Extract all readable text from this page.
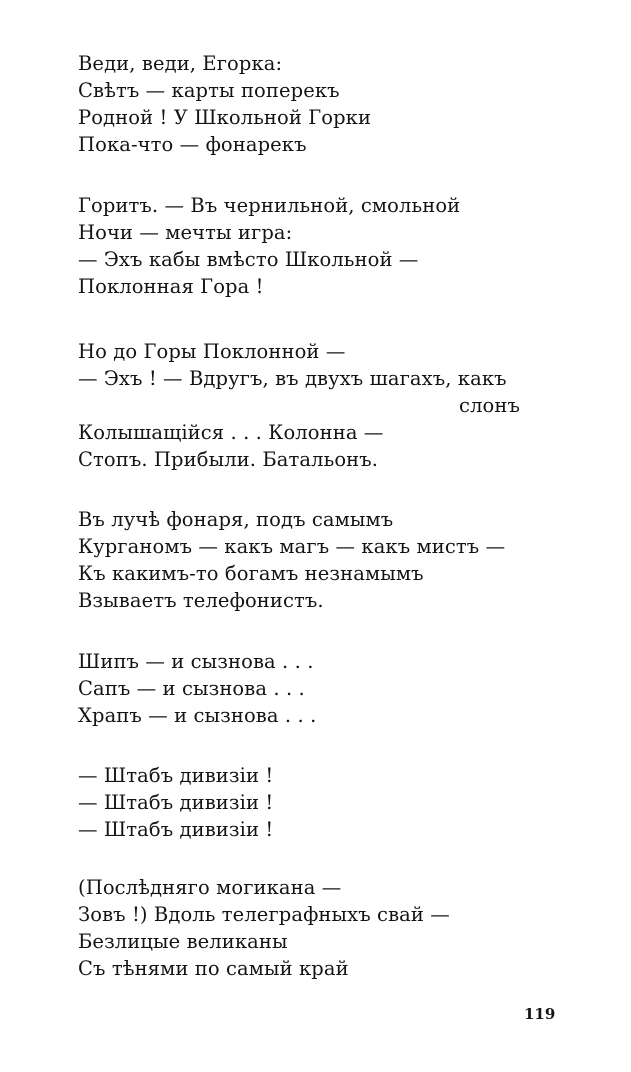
Веди, веди, Егорка:
Свѣтъ — карты поперекъ
Родной ! У Школьной Горки
Пока-что — фонарекъ
Горитъ. — Въ чернильной, смольной
Ночи — мечты игра:
— Эхъ кабы вмѣсто Школьной —
Поклонная Гора !
Но до Горы Поклонной —
— Эхъ ! — Вдругъ, въ двухъ шагахъ, какъ
слонъ
Колышащiйся . . . Колонна —
Стопъ. Прибыли. Батальонъ.
Въ лучѣ фонаря, подъ самымъ
Курганомъ — какъ магъ — какъ мистъ —
Къ какимъ-то богамъ незнамымъ
Взываетъ телефонистъ.
Шипъ — и сызнова . . .
Сапъ — и сызнова . . .
Храпъ — и сызнова . . .
— Штабъ дивизiи !
— Штабъ дивизiи !
— Штабъ дивизiи !
(Послѣдняго могикана —
Зовъ !) Вдоль телеграфныхъ свай —
Безлицые великаны
Съ тѣнями по самый край
119
